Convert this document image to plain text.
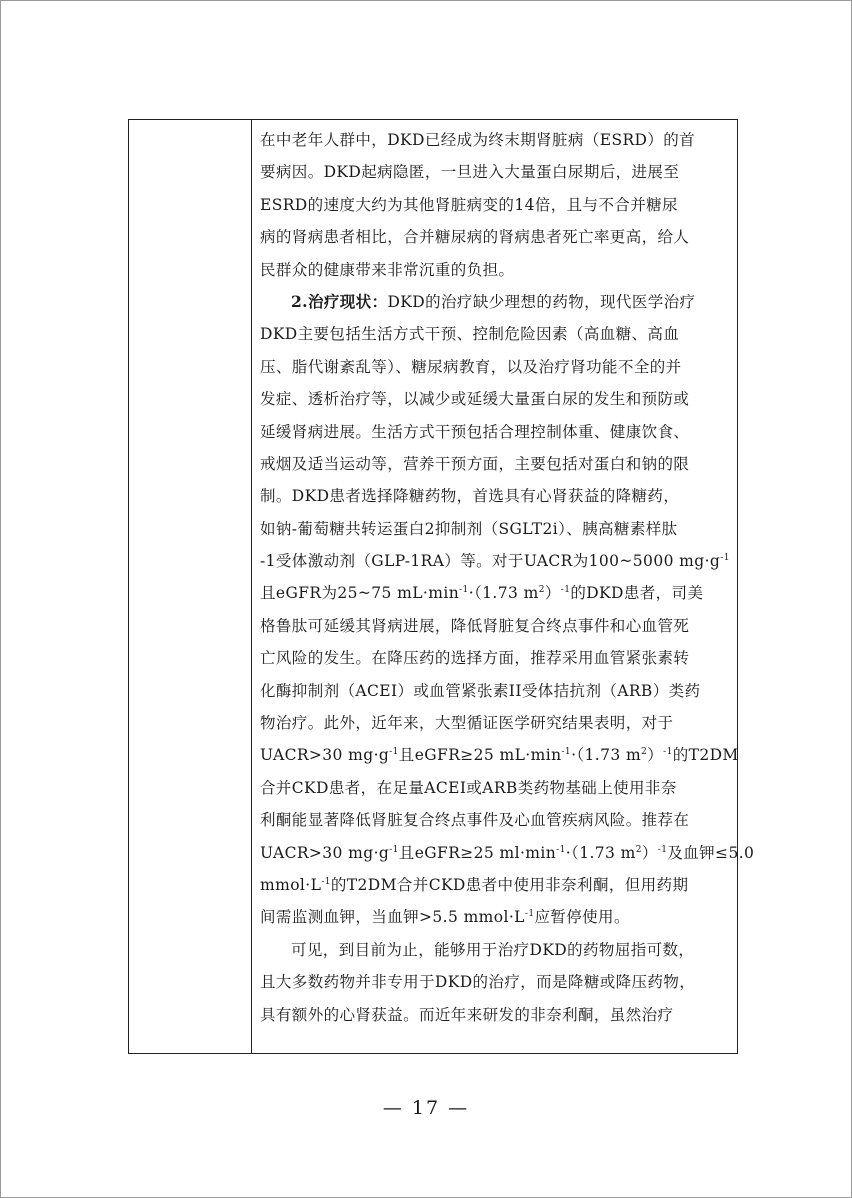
在中老年人群中，DKD已经成为终末期肾脏病（ESRD）的首
要病因。DKD起病隐匿，一旦进入大量蛋白尿期后，进展至
ESRD的速度大约为其他肾脏病变的14倍，且与不合并糖尿
病的肾病患者相比，合并糖尿病的肾病患者死亡率更高，给人
民群众的健康带来非常沉重的负担。
2.治疗现状：DKD的治疗缺少理想的药物，现代医学治疗
DKD主要包括生活方式干预、控制危险因素（高血糖、高血
压、脂代谢紊乱等）、糖尿病教育，以及治疗肾功能不全的并
发症、透析治疗等，以减少或延缓大量蛋白尿的发生和预防或
延缓肾病进展。生活方式干预包括合理控制体重、健康饮食、
戒烟及适当运动等，营养干预方面，主要包括对蛋白和钠的限
制。DKD患者选择降糖药物，首选具有心肾获益的降糖药，
如钠-葡萄糖共转运蛋白2抑制剂（SGLT2i）、胰高糖素样肽
-1受体激动剂（GLP-1RA）等。对于UACR为100~5000 $mg\cdot g^{-1}$
且eGFR为25~75 $mL\cdot\min^{-1}\cdot(1.73$ $m^2)^{-1}$的DKD患者，司美
格鲁肽可延缓其肾病进展，降低肾脏复合终点事件和心血管死
亡风险的发生。在降压药的选择方面，推荐采用血管紧张素转
化酶抑制剂（ACEI）或血管紧张素II受体拮抗剂（ARB）类药
物治疗。此外，近年来，大型循证医学研究结果表明，对于
UACR>30 $mg\cdot g^{-1}$且eGFR≥25 $mL\cdot\min^{-1}\cdot(1.73$ $m^2)^{-1}$的T2DM
合并CKD患者，在足量ACEI或ARB类药物基础上使用非奈
利酮能显著降低肾脏复合终点事件及心血管疾病风险。推荐在
UACR>30 $mg\cdot g^{-1}$且eGFR≥25 $ml\cdot\min^{-1}\cdot(1.73$ $m^2)^{-1}$及血钾≤5.0
$mmol\cdot L^{-1}$的T2DM合并CKD患者中使用非奈利酮，但用药期
间需监测血钾，当血钾>5.5 $mmol\cdot L^{-1}$应暂停使用。
可见，到目前为止，能够用于治疗DKD的药物屈指可数，
且大多数药物并非专用于DKD的治疗，而是降糖或降压药物，
具有额外的心肾获益。而近年来研发的非奈利酮，虽然治疗
— 17 —
